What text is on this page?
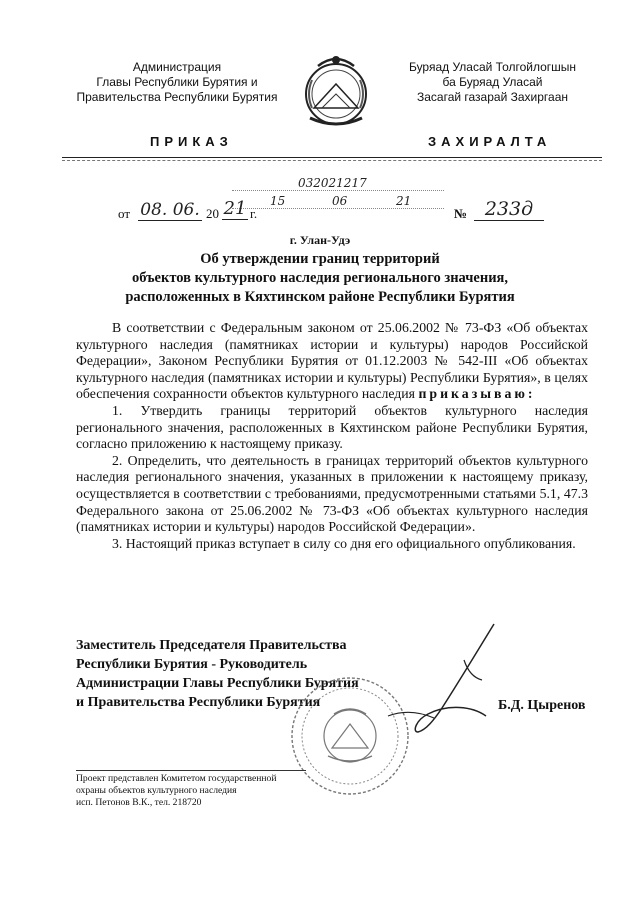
Администрация
Главы Республики Бурятия и
Правительства Республики Бурятия
Буряад Уласай Толгойлогшын
ба Буряад Уласай
Засагай газарай Захиргаан
ПРИКАЗ	ЗАХИРАЛТА
032021217
15	06	21
от 08. 06. 20 21 г.	№ 233д
г. Улан-Удэ
Об утверждении границ территорий
объектов культурного наследия регионального значения,
расположенных в Кяхтинском районе Республики Бурятия

В соответствии с Федеральным законом от 25.06.2002 № 73-ФЗ «Об объектах культурного наследия (памятниках истории и культуры) народов Российской Федерации», Законом Республики Бурятия от 01.12.2003 № 542-III «Об объектах культурного наследия (памятниках истории и культуры) Республики Бурятия», в целях обеспечения сохранности объектов культурного наследия приказываю:

1. Утвердить границы территорий объектов культурного наследия регионального значения, расположенных в Кяхтинском районе Республики Бурятия, согласно приложению к настоящему приказу.

2. Определить, что деятельность в границах территорий объектов культурного наследия регионального значения, указанных в приложении к настоящему приказу, осуществляется в соответствии с требованиями, предусмотренными статьями 5.1, 47.3 Федерального закона от 25.06.2002 № 73-ФЗ «Об объектах культурного наследия (памятниках истории и культуры) народов Российской Федерации».

3. Настоящий приказ вступает в силу со дня его официального опубликования.

Заместитель Председателя Правительства
Республики Бурятия - Руководитель
Администрации Главы Республики Бурятия
и Правительства Республики Бурятия	Б.Д. Цыренов
Проект представлен Комитетом государственной
охраны объектов культурного наследия
исп. Петонов В.К., тел. 218720
